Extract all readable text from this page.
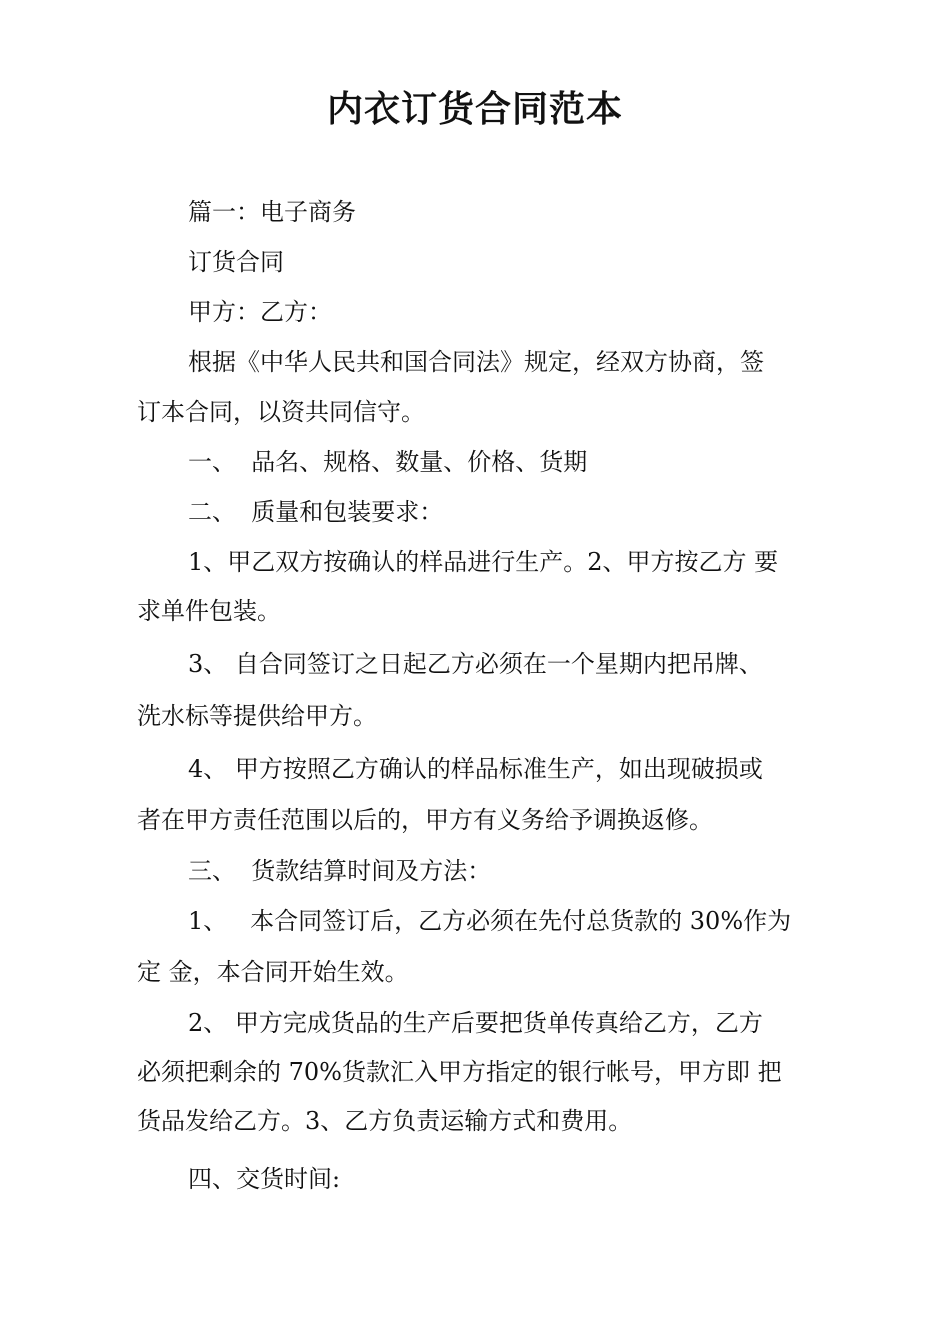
内衣订货合同范本
篇一：电子商务
订货合同
甲方：乙方：
根据《中华人民共和国合同法》规定，经双方协商，签
订本合同，以资共同信守。
一、  品名、规格、数量、价格、货期
二、  质量和包装要求：
1、甲乙双方按确认的样品进行生产。2、甲方按乙方 要
求单件包装。
3、 自合同签订之日起乙方必须在一个星期内把吊牌、
洗水标等提供给甲方。
4、 甲方按照乙方确认的样品标准生产，如出现破损或
者在甲方责任范围以后的，甲方有义务给予调换返修。
三、  货款结算时间及方法：
1、   本合同签订后，乙方必须在先付总货款的 30%作为
定 金，本合同开始生效。
2、 甲方完成货品的生产后要把货单传真给乙方，乙方
必须把剩余的 70%货款汇入甲方指定的银行帐号，甲方即 把
货品发给乙方。3、乙方负责运输方式和费用。
四、交货时间:
